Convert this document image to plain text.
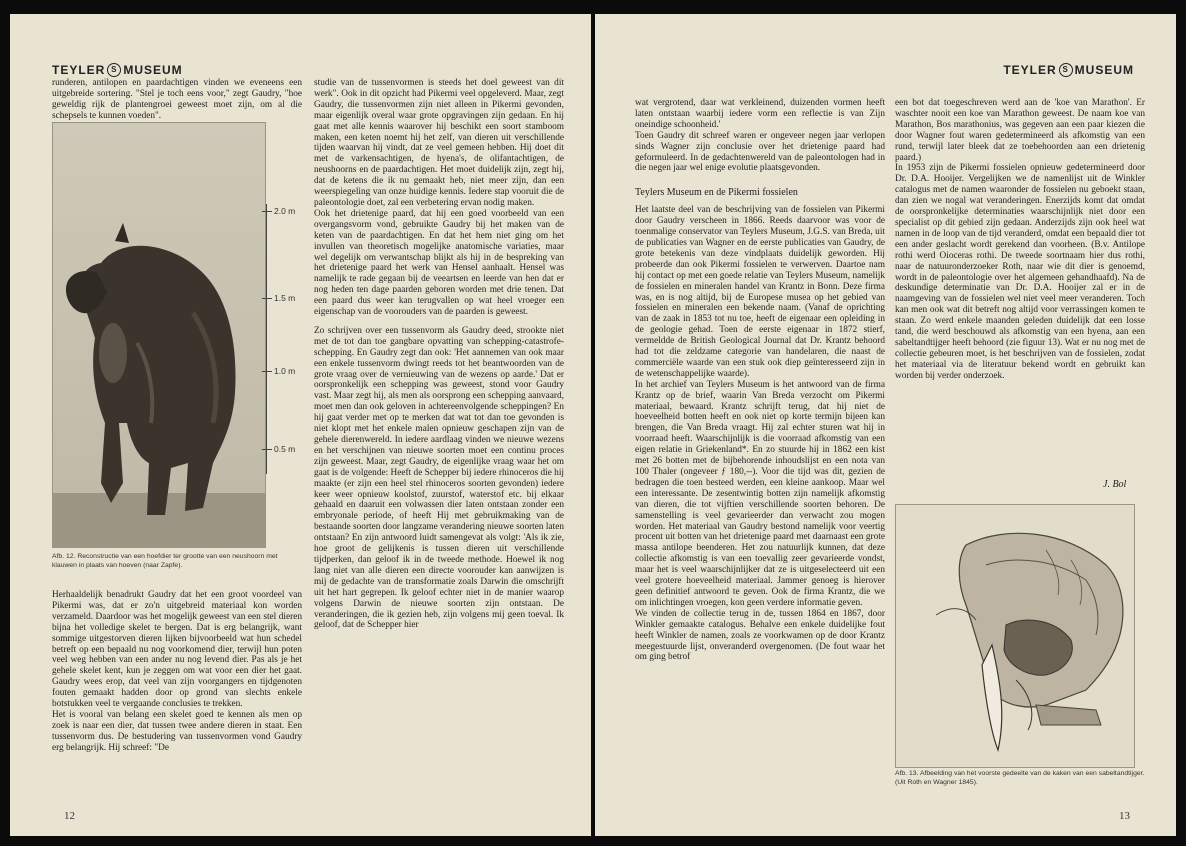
TEYLER S MUSEUM

runderen, antilopen en paardachtigen vinden we eveneens een uitgebreide sortering. "Stel je toch eens voor," zegt Gaudry, "hoe geweldig rijk de plantengroei geweest moet zijn, om al die schepsels te kunnen voeden".

2.0 m
1.5 m
1.0 m
0.5 m
Afb. 12. Reconstructie van een hoefdier ter grootte van een neushoorn met klauwen in plaats van hoeven (naar Zapfe).

Herhaaldelijk benadrukt Gaudry dat het een groot voordeel van Pikermi was, dat er zo'n uitgebreid materiaal kon worden verzameld. Daardoor was het mogelijk geweest van een stel dieren bijna het volledige skelet te bergen. Dat is erg belangrijk, want sommige uitgestorven dieren lijken bijvoorbeeld wat hun schedel betreft op een bepaald nu nog voorkomend dier, terwijl hun poten veel weg hebben van een ander nu nog levend dier. Pas als je het gehele skelet kent, kun je zeggen om wat voor een dier het gaat. Gaudry wees erop, dat veel van zijn voorgangers en tijdgenoten fouten gemaakt hadden door op grond van slechts enkele botstukken veel te vergaande conclusies te trekken.

Het is vooral van belang een skelet goed te kennen als men op zoek is naar een dier, dat tussen twee andere dieren in staat. Een tussenvorm dus. De bestudering van tussenvormen vond Gaudry erg belangrijk. Hij schreef: "De

studie van de tussenvormen is steeds het doel geweest van dit werk". Ook in dit opzicht had Pikermi veel opgeleverd. Maar, zegt Gaudry, die tussenvormen zijn niet alleen in Pikermi gevonden, maar eigenlijk overal waar grote opgravingen zijn gedaan. En hij gaat met alle kennis waarover hij beschikt een soort stamboom maken, een keten noemt hij het zelf, van dieren uit verschillende tijden waarvan hij vindt, dat ze veel gemeen hebben. Hij doet dit met de varkensachtigen, de hyena's, de olifantachtigen, de neushoorns en de paardachtigen. Het moet duidelijk zijn, zegt hij, dat de ketens die ik nu gemaakt heb, niet meer zijn, dan een weerspiegeling van onze huidige kennis. Iedere stap vooruit die de paleontologie doet, zal een verbetering ervan nodig maken.

Ook het drietenige paard, dat hij een goed voorbeeld van een overgangsvorm vond, gebruikte Gaudry bij het maken van de keten van de paardachtigen. En dat het hem niet ging om het invullen van theoretisch mogelijke anatomische variaties, maar wel degelijk om verwantschap blijkt als hij in de bespreking van het drietenige paard het werk van Hensel aanhaalt. Hensel was namelijk te rade gegaan bij de veeartsen en leerde van hen dat er nog heden ten dage paarden geboren worden met drie tenen. Dat een paard dus weer kan terugvallen op wat heel vroeger een eigenschap van de voorouders van de paarden is geweest.

Zo schrijven over een tussenvorm als Gaudry deed, strookte niet met de tot dan toe gangbare opvatting van schepping-catastrofe-schepping. En Gaudry zegt dan ook: 'Het aannemen van ook maar een enkele tussenvorm dwingt reeds tot het beantwoorden van de grote vraag over de vernieuwing van de wezens op aarde.' Dat er oorspronkelijk een schepping was geweest, stond voor Gaudry vast. Maar zegt hij, als men als oorsprong een schepping aanvaard, moet men dan ook geloven in achtereenvolgende scheppingen? En hij gaat verder met op te merken dat wat tot dan toe gevonden is niet klopt met het enkele malen opnieuw geschapen zijn van de gehele dierenwereld. In iedere aardlaag vinden we nieuwe wezens en het verschijnen van nieuwe soorten moet een continu proces zijn geweest. Maar, zegt Gaudry, de eigenlijke vraag waar het om gaat is de volgende: Heeft de Schepper bij iedere rhinoceros die hij maakte (er zijn een heel stel rhinoceros soorten gevonden) iedere keer weer opnieuw koolstof, zuurstof, waterstof etc. bij elkaar gehaald en daaruit een volwassen dier laten ontstaan zonder een embryonale periode, of heeft Hij met gebruikmaking van de bestaande soorten door langzame verandering nieuwe soorten laten ontstaan? En zijn antwoord luidt samengevat als volgt: 'Als ik zie, hoe groot de gelijkenis is tussen dieren uit verschillende tijdperken, dan geloof ik in de tweede methode. Hoewel ik nog lang niet van alle dieren een directe voorouder kan aanwijzen is mij de gedachte van de transformatie zoals Darwin die omschrijft uit het hart gegrepen. Ik geloof echter niet in de manier waarop volgens Darwin de nieuwe soorten zijn ontstaan. De veranderingen, die ik gezien heb, zijn volgens mij geen toeval. Ik geloof, dat de Schepper hier

12
TEYLER S MUSEUM

wat vergrotend, daar wat verkleinend, duizenden vormen heeft laten ontstaan waarbij iedere vorm een reflectie is van Zijn oneindige schoonheid.'

Toen Gaudry dit schreef waren er ongeveer negen jaar verlopen sinds Wagner zijn conclusie over het drietenige paard had geformuleerd. In de gedachtenwereld van de paleontologen had in die negen jaar wel enige evolutie plaatsgevonden.

Teylers Museum en de Pikermi fossielen

Het laatste deel van de beschrijving van de fossielen van Pikermi door Gaudry verscheen in 1866. Reeds daarvoor was voor de toenmalige conservator van Teylers Museum, J.G.S. van Breda, uit de publicaties van Wagner en de eerste publicaties van Gaudry, de grote betekenis van deze vindplaats duidelijk geworden. Hij probeerde dan ook Pikermi fossielen te verwerven. Daartoe nam hij contact op met een goede relatie van Teylers Museum, namelijk de fossielen en mineralen handel van Krantz in Bonn. Deze firma was, en is nog altijd, bij de Europese musea op het gebied van fossielen en mineralen een bekende naam. (Vanaf de oprichting van de zaak in 1853 tot nu toe, heeft de eigenaar een opleiding in de geologie gehad. Toen de eerste eigenaar in 1872 stierf, vermeldde de British Geological Journal dat Dr. Krantz behoord had tot die zeldzame categorie van handelaren, die naast de commerciële waarde van een stuk ook diep geïnteresseerd zijn in de wetenschappelijke waarde).

In het archief van Teylers Museum is het antwoord van de firma Krantz op de brief, waarin Van Breda verzocht om Pikermi materiaal, bewaard. Krantz schrijft terug, dat hij niet de hoeveelheid botten heeft en ook niet op korte termijn bijeen kan brengen, die Van Breda vraagt. Hij zal echter sturen wat hij in voorraad heeft. Waarschijnlijk is die voorraad afkomstig van een eigen relatie in Griekenland*. En zo stuurde hij in 1862 een kist met 26 botten met de bijbehorende inhoudslijst en een nota van 100 Thaler (ongeveer ƒ 180,--). Voor die tijd was dit, gezien de bedragen die toen besteed werden, een kleine aankoop. Maar wel een interessante. De zesentwintig botten zijn namelijk afkomstig van dieren, die tot vijftien verschillende soorten behoren. De samenstelling is veel gevarieerder dan verwacht zou mogen worden. Het materiaal van Gaudry bestond namelijk voor veertig procent uit botten van het drietenige paard met daarnaast een grote massa antilope beenderen. Het zou natuurlijk kunnen, dat deze collectie afkomstig is van een toevallig zeer gevarieerde vondst, maar het is veel waarschijnlijker dat ze is uitgeselecteerd uit een veel grotere hoeveelheid materiaal. Jammer genoeg is hierover geen definitief antwoord te geven. Ook de firma Krantz, die we om inlichtingen vroegen, kon geen verdere informatie geven.

We vinden de collectie terug in de, tussen 1864 en 1867, door Winkler gemaakte catalogus. Behalve een enkele duidelijke fout heeft Winkler de namen, zoals ze voorkwamen op de door Krantz meegestuurde lijst, onveranderd overgenomen. (De fout waar het om ging betrof

een bot dat toegeschreven werd aan de 'koe van Marathon'. Er waschter nooit een koe van Marathon geweest. De naam koe van Marathon, Bos marathonius, was gegeven aan een paar kiezen die door Wagner fout waren gedetermineerd als afkomstig van een rund, terwijl later bleek dat ze toebehoorden aan een drietenig paard.)

In 1953 zijn de Pikermi fossielen opnieuw gedetermineerd door Dr. D.A. Hooijer. Vergelijken we de namenlijst uit de Winkler catalogus met de namen waaronder de fossielen nu geboekt staan, dan zien we nogal wat veranderingen. Enerzijds komt dat omdat de oorspronkelijke determinaties waarschijnlijk niet door een specialist op dit gebied zijn gedaan. Anderzijds zijn ook heel wat namen in de loop van de tijd veranderd, omdat een bepaald dier tot een ander geslacht wordt gerekend dan voorheen. (B.v. Antilope rothi werd Oioceras rothi. De tweede soortnaam hier dus rothi, naar de natuuronderzoeker Roth, naar wie dit dier is genoemd, wordt in de paleontologie over het algemeen gehandhaafd). Na de deskundige determinatie van Dr. D.A. Hooijer zal er in de naamgeving van de fossielen wel niet veel meer veranderen. Toch kan men ook wat dit betreft nog altijd voor verrassingen komen te staan. Zo werd enkele maanden geleden duidelijk dat een losse tand, die werd beschouwd als afkomstig van een hyena, aan een sabeltandtijger heeft behoord (zie figuur 13). Wat er nu nog met de collectie gebeuren moet, is het beschrijven van de fossielen, zodat het materiaal via de literatuur bekend wordt en gebruikt kan worden bij verder onderzoek.

J. Bol
Afb. 13. Afbeelding van het voorste gedeelte van de kaken van een sabeltandtijger. (Uit Roth en Wagner 1845).
13
